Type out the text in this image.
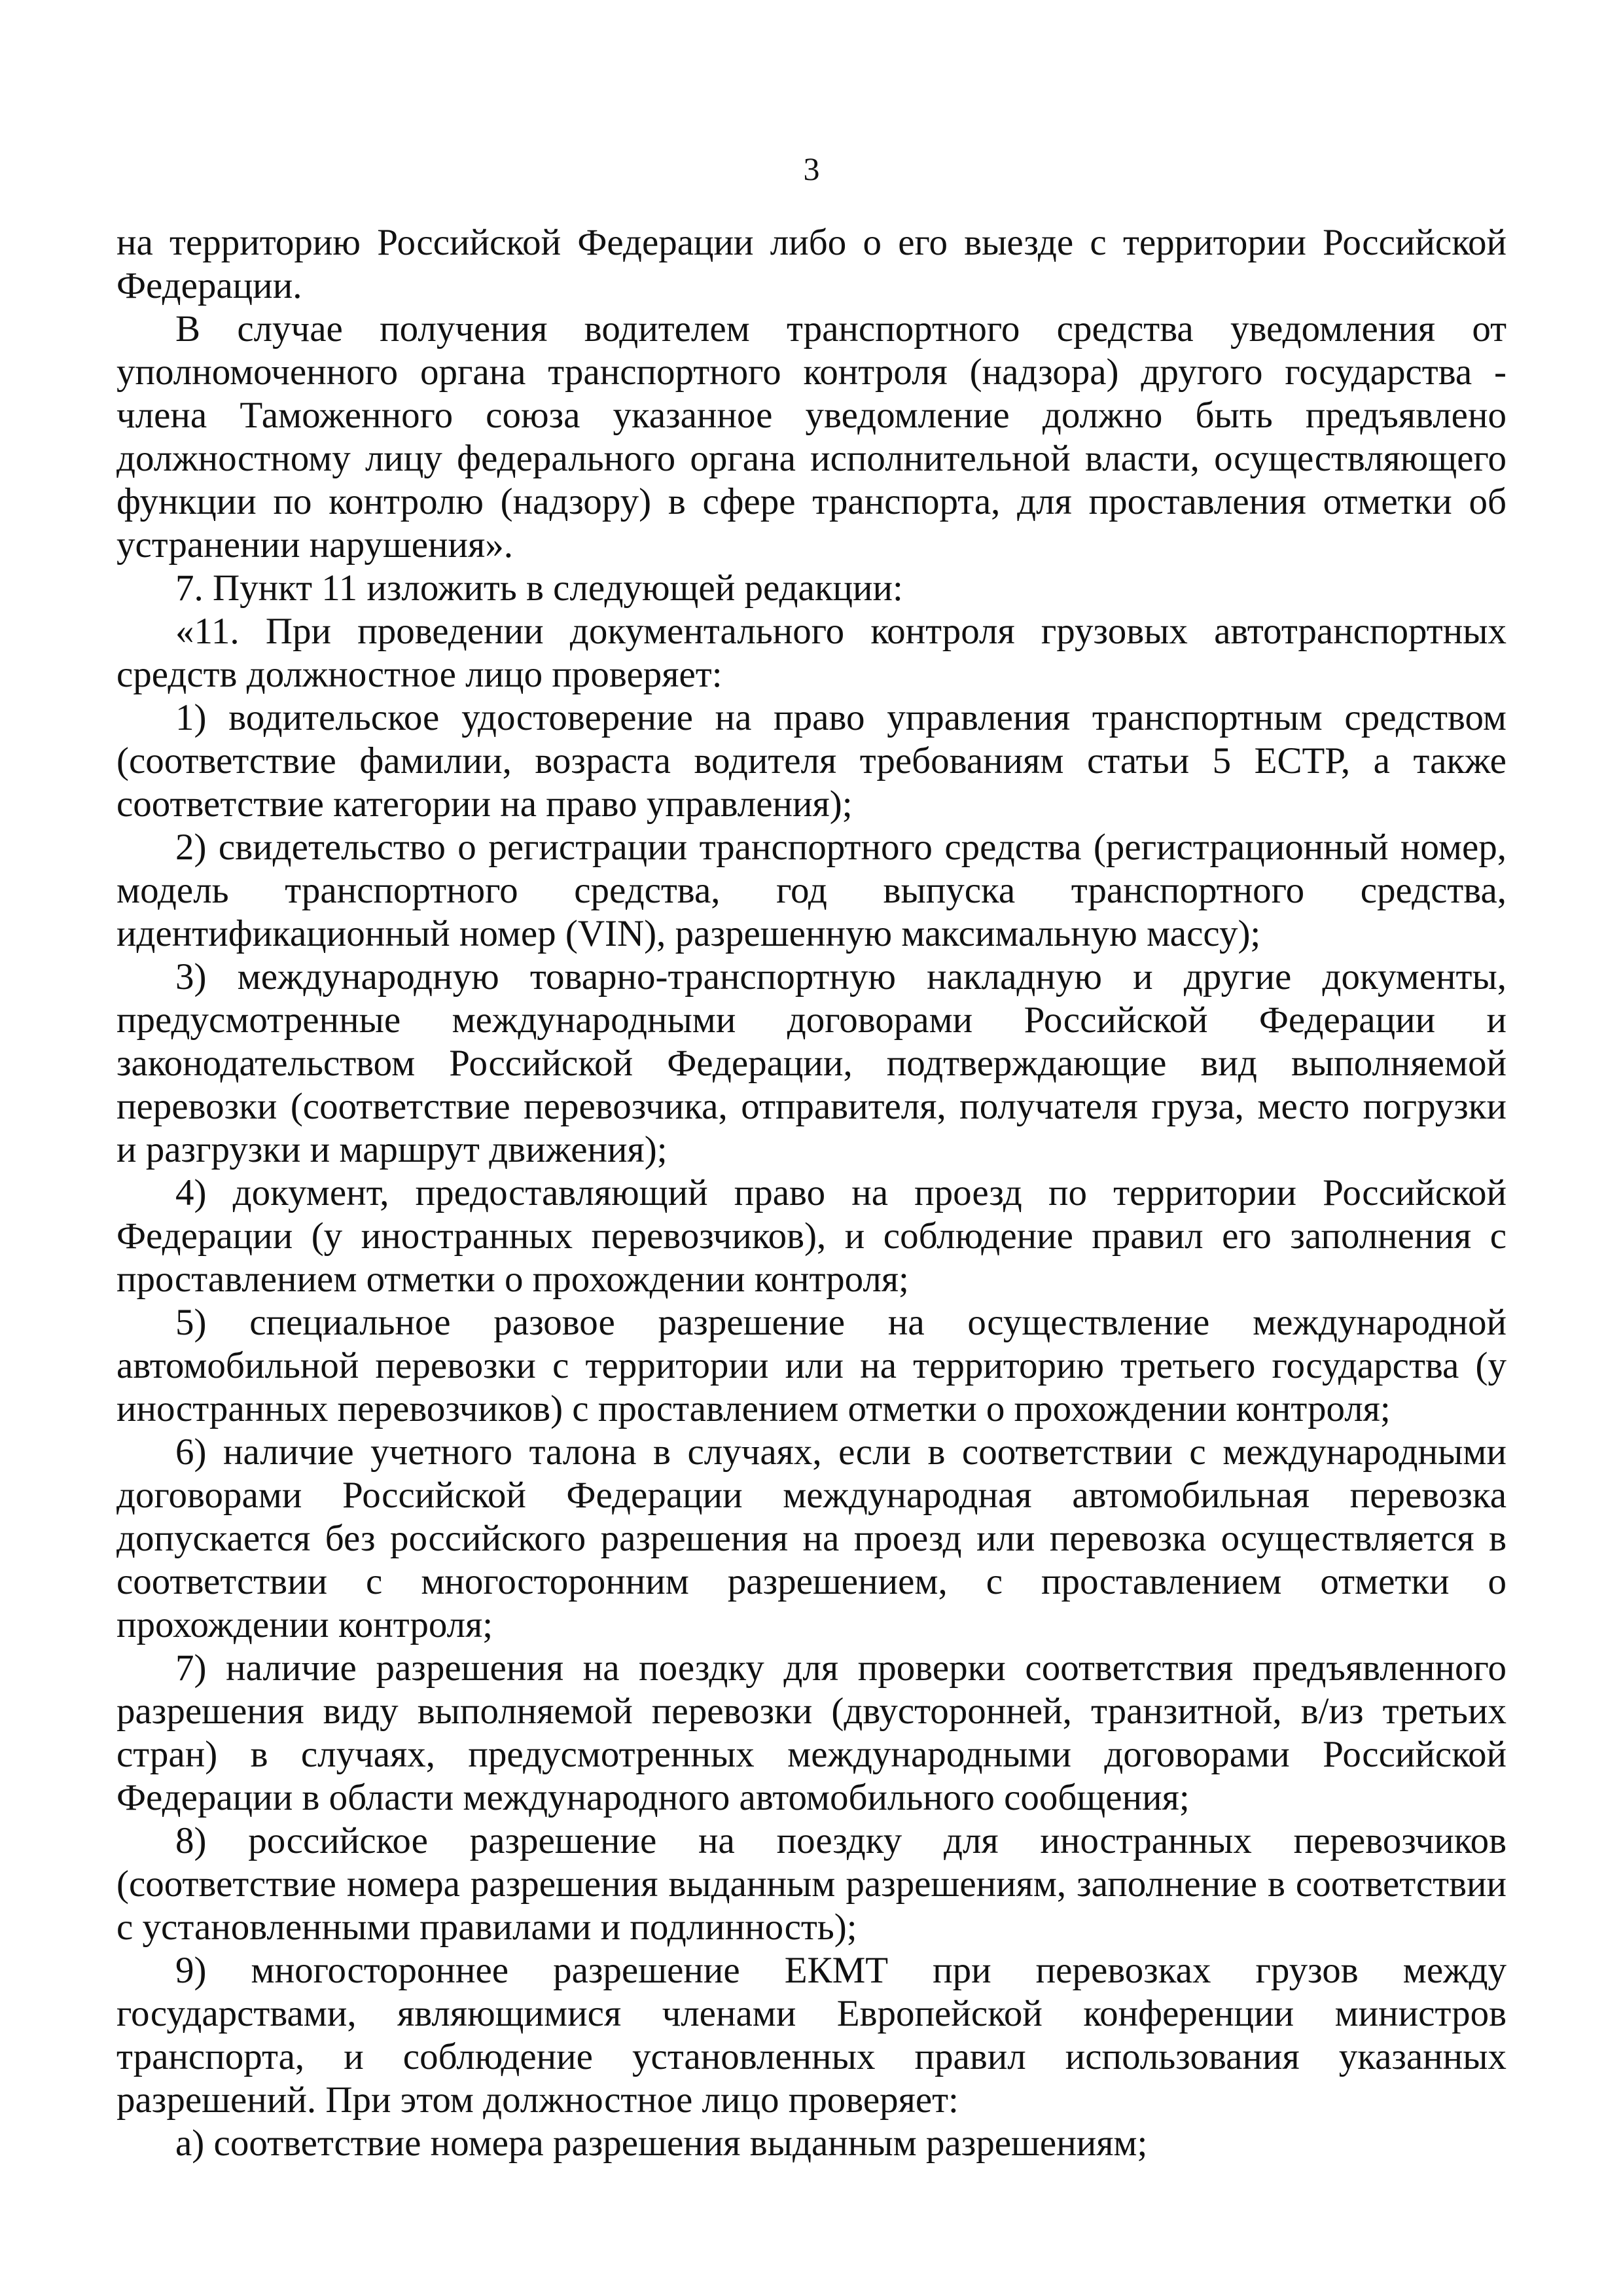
3

на территорию Российской Федерации либо о его выезде с территории Российской Федерации.

В случае получения водителем транспортного средства уведомления от уполномоченного органа транспортного контроля (надзора) другого государства - члена Таможенного союза указанное уведомление должно быть предъявлено должностному лицу федерального органа исполнительной власти, осуществляющего функции по контролю (надзору) в сфере транспорта, для проставления отметки об устранении нарушения».

7. Пункт 11 изложить в следующей редакции:

«11. При проведении документального контроля грузовых автотранспортных средств должностное лицо проверяет:

1) водительское удостоверение на право управления транспортным средством (соответствие фамилии, возраста водителя требованиям статьи 5 ЕСТР, а также соответствие категории на право управления);

2) свидетельство о регистрации транспортного средства (регистрационный номер, модель транспортного средства, год выпуска транспортного средства, идентификационный номер (VIN), разрешенную максимальную массу);

3) международную товарно-транспортную накладную и другие документы, предусмотренные международными договорами Российской Федерации и законодательством Российской Федерации, подтверждающие вид выполняемой перевозки (соответствие перевозчика, отправителя, получателя груза, место погрузки и разгрузки и маршрут движения);

4) документ, предоставляющий право на проезд по территории Российской Федерации (у иностранных перевозчиков), и соблюдение правил его заполнения с проставлением отметки о прохождении контроля;

5) специальное разовое разрешение на осуществление международной автомобильной перевозки с территории или на территорию третьего государства (у иностранных перевозчиков) с проставлением отметки о прохождении контроля;

6) наличие учетного талона в случаях, если в соответствии с международными договорами Российской Федерации международная автомобильная перевозка допускается без российского разрешения на проезд или перевозка осуществляется в соответствии с многосторонним разрешением, с проставлением отметки о прохождении контроля;

7) наличие разрешения на поездку для проверки соответствия предъявленного разрешения виду выполняемой перевозки (двусторонней, транзитной, в/из третьих стран) в случаях, предусмотренных международными договорами Российской Федерации в области международного автомобильного сообщения;

8) российское разрешение на поездку для иностранных перевозчиков (соответствие номера разрешения выданным разрешениям, заполнение в соответствии с установленными правилами и подлинность);

9) многостороннее разрешение ЕКМТ при перевозках грузов между государствами, являющимися членами Европейской конференции министров транспорта, и соблюдение установленных правил использования указанных разрешений. При этом должностное лицо проверяет:

а) соответствие номера разрешения выданным разрешениям;
